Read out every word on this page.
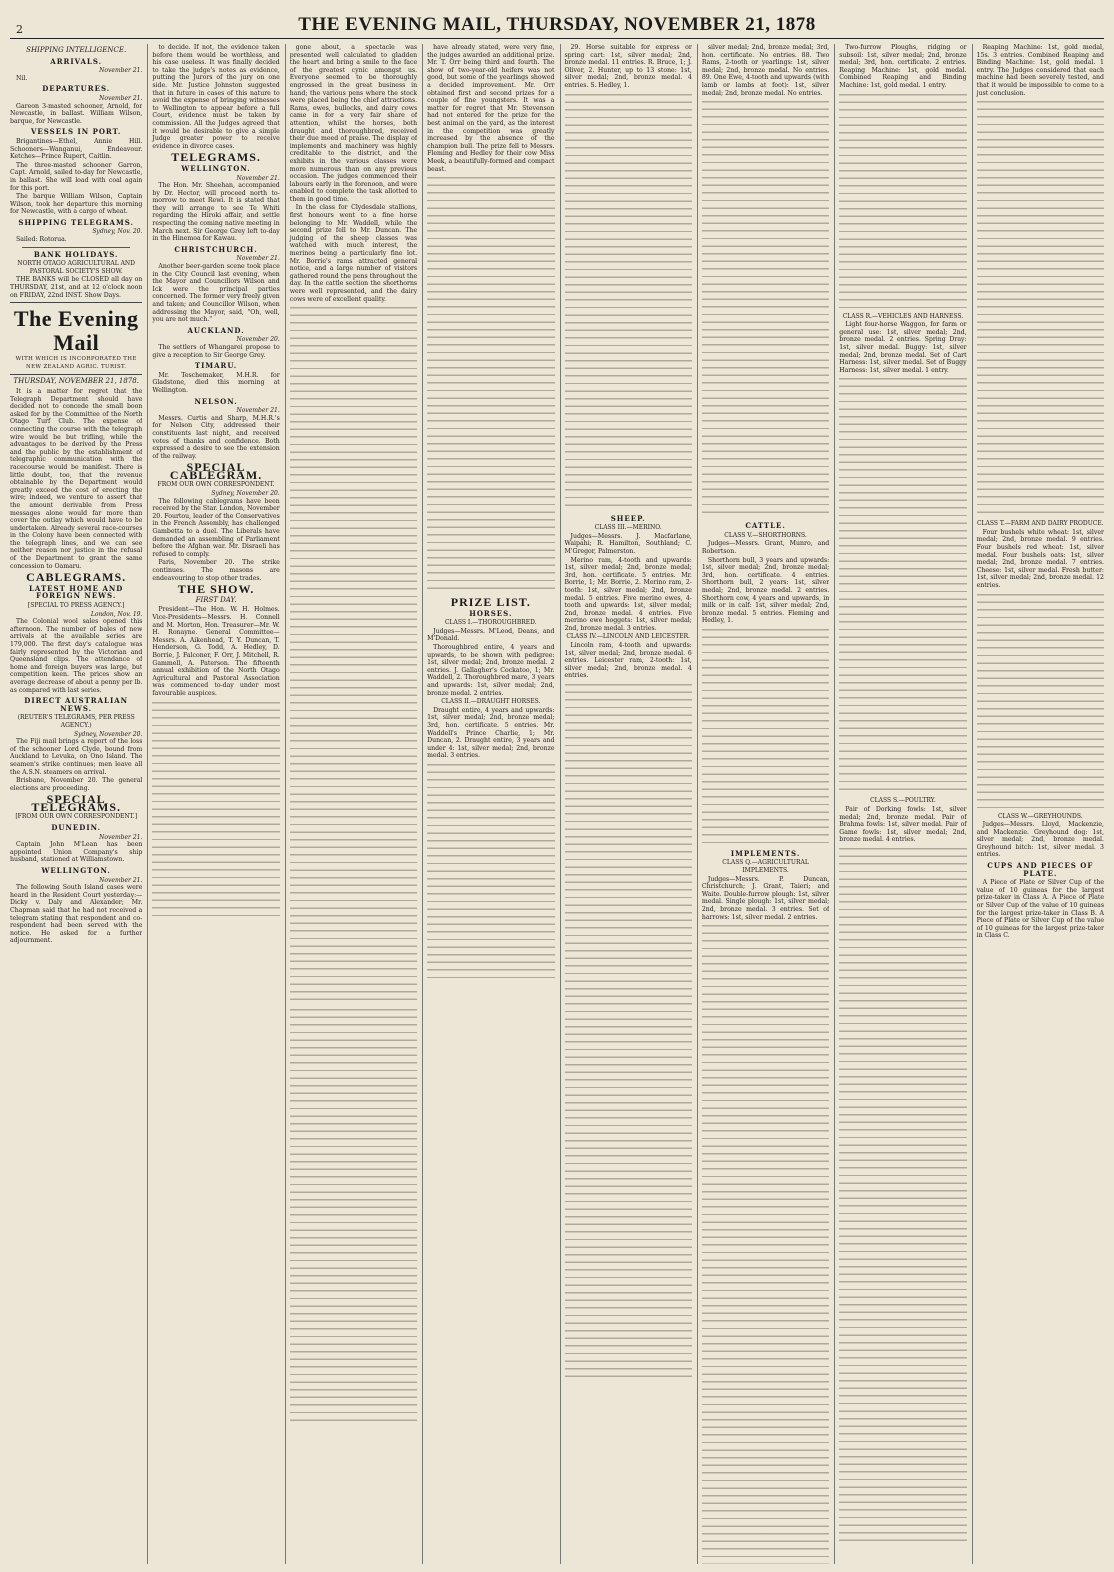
2	THE EVENING MAIL, THURSDAY, NOVEMBER 21, 1878
SHIPPING INTELLIGENCE.
ARRIVALS.
November 21.

Nil.

DEPARTURES.
November 21.

Gareon 3-masted schooner, Arnold, for Newcastle, in ballast. William Wilson, barque, for Newcastle.

VESSELS IN PORT.

Brigantines—Ethel, Annie Hill. Schooners—Wanganui, Endeavour. Ketches—Prince Rupert, Caitlin.

The three-masted schooner Garron, Capt. Arnold, sailed to-day for Newcastle, in ballast. She will load with coal again for this port.

The barque William Wilson, Captain Wilson, took her departure this morning for Newcastle, with a cargo of wheat.

SHIPPING TELEGRAMS.
Sydney, Nov. 20.

Sailed: Rotorua.

BANK HOLIDAYS.
NORTH OTAGO AGRICULTURAL AND PASTORAL SOCIETY'S SHOW.

THE BANKS will be CLOSED all day on THURSDAY, 21st, and at 12 o'clock noon on FRIDAY, 22nd INST. Show Days.

The Evening Mail
WITH WHICH IS INCORPORATED THE NEW ZEALAND AGRIC. TURIST.
THURSDAY, NOVEMBER 21, 1878.

It is a matter for regret that the Telegraph Department should have decided not to concede the small boon asked for by the Committee of the North Otago Turf Club. The expense of connecting the course with the telegraph wire would be but trifling, while the advantages to be derived by the Press and the public by the establishment of telegraphic communication with the racecourse would be manifest. There is little doubt, too, that the revenue obtainable by the Department would greatly exceed the cost of erecting the wire; indeed, we venture to assert that the amount derivable from Press messages alone would far more than cover the outlay which would have to be undertaken. Already several race-courses in the Colony have been connected with the telegraph lines, and we can see neither reason nor justice in the refusal of the Department to grant the same concession to Oamaru.

CABLEGRAMS.
LATEST HOME AND FOREIGN NEWS.
[SPECIAL TO PRESS AGENCY.]
London, Nov. 19.

The Colonial wool sales opened this afternoon. The number of bales of new arrivals at the available series are 179,000. The first day's catalogue was fairly represented by the Victorian and Queensland clips. The attendance of home and foreign buyers was large, but competition keen. The prices show an average decrease of about a penny per lb. as compared with last series.

DIRECT AUSTRALIAN NEWS.
(REUTER'S TELEGRAMS, PER PRESS AGENCY.)
Sydney, November 20.

The Fiji mail brings a report of the loss of the schooner Lord Clyde, bound from Auckland to Levuka, on Ono Island. The seamen's strike continues; men leave all the A.S.N. steamers on arrival.

Brisbane, November 20. The general elections are proceeding.

SPECIAL TELEGRAMS.
[FROM OUR OWN CORRESPONDENT.]
DUNEDIN.
November 21.

Captain John M'Lean has been appointed Union Company's ship husband, stationed at Williamstown.

WELLINGTON.
November 21.

The following South Island cases were heard in the Resident Court yesterday:— Dicky v. Daly and Alexander; Mr. Chapman said that he had not received a telegram stating that respondent and co-respondent had been served with the notice. He asked for a further adjournment.

to decide. If not, the evidence taken before them would be worthless, and his case useless. It was finally decided to take the judge's notes as evidence, putting the Jurors of the jury on one side. Mr. Justice Johnston suggested that in future in cases of this nature to avoid the expense of bringing witnesses to Wellington to appear before a full Court, evidence must be taken by commission. All the Judges agreed that it would be desirable to give a simple Judge greater power to receive evidence in divorce cases.

TELEGRAMS.
WELLINGTON.
November 21.

The Hon. Mr. Sheehan, accompanied by Dr. Hector, will proceed north to-morrow to meet Rewi. It is stated that they will arrange to see Te Whiti regarding the Hiroki affair, and settle respecting the coming native meeting in March next. Sir George Grey left to-day in the Hinemoa for Kawau.

CHRISTCHURCH.
November 21.

Another beer-garden scene took place in the City Council last evening, when the Mayor and Councillors Wilson and Ick were the principal parties concerned. The former very freely given and taken; and Councillor Wilson, when addressing the Mayor, said, "Oh, well, you are not much."

AUCKLAND.
November 20.

The settlers of Whangarei propose to give a reception to Sir George Grey.

TIMARU.

Mr. Teschemaker, M.H.R. for Gladstone, died this morning at Wellington.

NELSON.
November 21.

Messrs. Curtis and Sharp, M.H.R.'s for Nelson City, addressed their constituents last night, and received votes of thanks and confidence. Both expressed a desire to see the extension of the railway.

SPECIAL CABLEGRAM.
FROM OUR OWN CORRESPONDENT.
Sydney, November 20.

The following cablegrams have been received by the Star. London, November 20. Fourtou, leader of the Conservatives in the French Assembly, has challenged Gambetta to a duel. The Liberals have demanded an assembling of Parliament before the Afghan war. Mr. Disraeli has refused to comply.

Paris, November 20. The strike continues. The masons are endeavouring to stop other trades.

THE SHOW.
FIRST DAY.

President—The Hon. W. H. Holmes. Vice-Presidents—Messrs. H. Connell and M. Morton, Hon. Treasurer—Mr. W. H. Ronayne. General Committee—Messrs. A. Aikenhead, T. Y. Duncan, T. Henderson, G. Todd, A. Hedley, D. Borrie, J. Falconer, F. Orr, J. Mitchell, R. Gammell, A. Paterson. The fifteenth annual exhibition of the North Otago Agricultural and Pastoral Association was commenced to-day under most favourable auspices.

gone about, a spectacle was presented well calculated to gladden the heart and bring a smile to the face of the greatest cynic amongst us. Everyone seemed to be thoroughly engrossed in the great business in hand; the various pens where the stock were placed being the chief attractions. Rams, ewes, bullocks, and dairy cows came in for a very fair share of attention, whilst the horses, both draught and thoroughbred, received their due meed of praise. The display of implements and machinery was highly creditable to the district, and the exhibits in the various classes were more numerous than on any previous occasion. The judges commenced their labours early in the forenoon, and were enabled to complete the task allotted to them in good time.

In the class for Clydesdale stallions, first honours went to a fine horse belonging to Mr. Waddell, while the second prize fell to Mr. Duncan. The judging of the sheep classes was watched with much interest, the merinos being a particularly fine lot. Mr. Borrie's rams attracted general notice, and a large number of visitors gathered round the pens throughout the day. In the cattle section the shorthorns were well represented, and the dairy cows were of excellent quality.

have already stated, were very fine, the judges awarded an additional prize. Mr. T. Orr being third and fourth. The show of two-year-old heifers was not good, but some of the yearlings showed a decided improvement. Mr. Orr obtained first and second prizes for a couple of fine youngsters. It was a matter for regret that Mr. Stevenson had not entered for the prize for the best animal on the yard, as the interest in the competition was greatly increased by the absence of the champion bull. The prize fell to Messrs. Fleming and Hedley for their cow Miss Meek, a beautifully-formed and compact beast.

PRIZE LIST.
HORSES.
CLASS I.—THOROUGHBRED.

Judges—Messrs. M'Leod, Deans, and M'Donald.

Thoroughbred entire, 4 years and upwards, to be shown with pedigree: 1st, silver medal; 2nd, bronze medal. 2 entries. J. Gallagher's Cockatoo, 1; Mr. Waddell, 2. Thoroughbred mare, 3 years and upwards: 1st, silver medal; 2nd, bronze medal. 2 entries.

CLASS II.—DRAUGHT HORSES.

Draught entire, 4 years and upwards: 1st, silver medal; 2nd, bronze medal; 3rd, hon. certificate. 5 entries. Mr. Waddell's Prince Charlie, 1; Mr. Duncan, 2. Draught entire, 3 years and under 4: 1st, silver medal; 2nd, bronze medal. 3 entries.

29. Horse suitable for express or spring cart: 1st, silver medal; 2nd, bronze medal. 11 entries. R. Bruce, 1; J. Oliver, 2. Hunter, up to 13 stone: 1st, silver medal; 2nd, bronze medal. 4 entries. S. Hedley, 1.

SHEEP.
CLASS III.—MERINO.

Judges—Messrs. J. Macfarlane, Waipahi; R. Hamilton, Southland; C. M'Gregor, Palmerston.

Merino ram, 4-tooth and upwards: 1st, silver medal; 2nd, bronze medal; 3rd, hon. certificate. 5 entries. Mr. Borrie, 1; Mr. Borrie, 2. Merino ram, 2-tooth: 1st, silver medal; 2nd, bronze medal. 5 entries. Five merino ewes, 4-tooth and upwards: 1st, silver medal; 2nd, bronze medal. 4 entries. Five merino ewe hoggets: 1st, silver medal; 2nd, bronze medal. 3 entries.

CLASS IV.—LINCOLN AND LEICESTER.

Lincoln ram, 4-tooth and upwards: 1st, silver medal; 2nd, bronze medal. 6 entries. Leicester ram, 2-tooth: 1st, silver medal; 2nd, bronze medal. 4 entries.

silver medal; 2nd, bronze medal; 3rd, hon. certificate. No entries. 88. Two Rams, 2-tooth or yearlings: 1st, silver medal; 2nd, bronze medal. No entries. 89. One Ewe, 4-tooth and upwards (with lamb or lambs at foot): 1st, silver medal; 2nd, bronze medal. No entries.

CATTLE.
CLASS V.—SHORTHORNS.

Judges—Messrs. Grant, Munro, and Robertson.

Shorthorn bull, 3 years and upwards: 1st, silver medal; 2nd, bronze medal; 3rd, hon. certificate. 4 entries. Shorthorn bull, 2 years: 1st, silver medal; 2nd, bronze medal. 2 entries. Shorthorn cow, 4 years and upwards, in milk or in calf: 1st, silver medal; 2nd, bronze medal. 5 entries. Fleming and Hedley, 1.

IMPLEMENTS.
CLASS Q.—AGRICULTURAL IMPLEMENTS.

Judges—Messrs. P. Duncan, Christchurch; J. Grant, Taieri; and Waite. Double-furrow plough: 1st, silver medal. Single plough: 1st, silver medal; 2nd, bronze medal. 3 entries. Set of harrows: 1st, silver medal. 2 entries.

Two-furrow Ploughs, ridging or subsoil: 1st, silver medal; 2nd, bronze medal; 3rd, hon. certificate. 2 entries. Reaping Machine: 1st, gold medal. Combined Reaping and Binding Machine: 1st, gold medal. 1 entry.

CLASS R.—VEHICLES AND HARNESS.

Light four-horse Waggon, for farm or general use: 1st, silver medal; 2nd, bronze medal. 2 entries. Spring Dray: 1st, silver medal. Buggy: 1st, silver medal; 2nd, bronze medal. Set of Cart Harness: 1st, silver medal. Set of Buggy Harness: 1st, silver medal. 1 entry.

CLASS S.—POULTRY.

Pair of Dorking fowls: 1st, silver medal; 2nd, bronze medal. Pair of Brahma fowls: 1st, silver medal. Pair of Game fowls: 1st, silver medal; 2nd, bronze medal. 4 entries.

Reaping Machine: 1st, gold medal, 15s. 3 entries. Combined Reaping and Binding Machine: 1st, gold medal. 1 entry. The Judges considered that each machine had been severely tested, and that it would be impossible to come to a just conclusion.

CLASS T.—FARM AND DAIRY PRODUCE.

Four bushels white wheat: 1st, silver medal; 2nd, bronze medal. 9 entries. Four bushels red wheat: 1st, silver medal. Four bushels oats: 1st, silver medal; 2nd, bronze medal. 7 entries. Cheese: 1st, silver medal. Fresh butter: 1st, silver medal; 2nd, bronze medal. 12 entries.

CLASS W.—GREYHOUNDS.

Judges—Messrs. Lloyd, Mackenzie, and Mackenzie. Greyhound dog: 1st, silver medal; 2nd, bronze medal. Greyhound bitch: 1st, silver medal. 3 entries.

CUPS AND PIECES OF PLATE.

A Piece of Plate or Silver Cup of the value of 10 guineas for the largest prize-taker in Class A. A Piece of Plate or Silver Cup of the value of 10 guineas for the largest prize-taker in Class B. A Piece of Plate or Silver Cup of the value of 10 guineas for the largest prize-taker in Class C.
